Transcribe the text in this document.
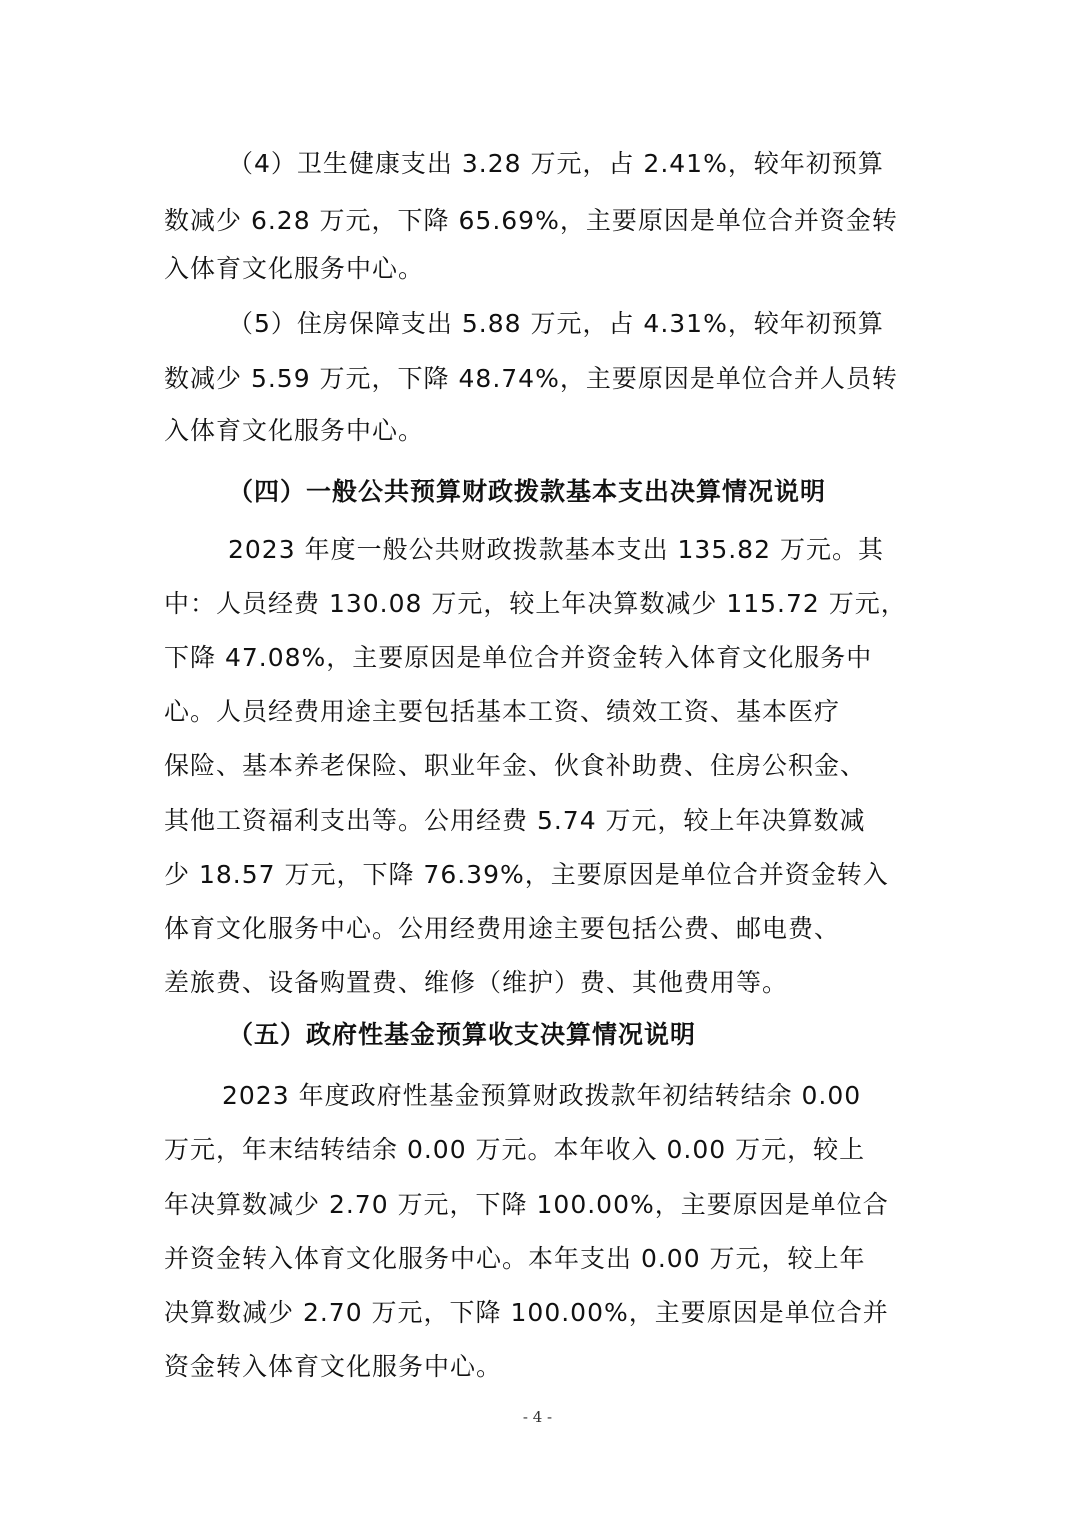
（4）卫生健康支出 3.28 万元，占 2.41%，较年初预算
数减少 6.28 万元，下降 65.69%，主要原因是单位合并资金转
入体育文化服务中心。
（5）住房保障支出 5.88 万元，占 4.31%，较年初预算
数减少 5.59 万元，下降 48.74%，主要原因是单位合并人员转
入体育文化服务中心。
（四）一般公共预算财政拨款基本支出决算情况说明
2023 年度一般公共财政拨款基本支出 135.82 万元。其
中：人员经费 130.08 万元，较上年决算数减少 115.72 万元，
下降 47.08%，主要原因是单位合并资金转入体育文化服务中
心。人员经费用途主要包括基本工资、绩效工资、基本医疗
保险、基本养老保险、职业年金、伙食补助费、住房公积金、
其他工资福利支出等。公用经费 5.74 万元，较上年决算数减
少 18.57 万元，下降 76.39%，主要原因是单位合并资金转入
体育文化服务中心。公用经费用途主要包括公费、邮电费、
差旅费、设备购置费、维修（维护）费、其他费用等。
（五）政府性基金预算收支决算情况说明
2023 年度政府性基金预算财政拨款年初结转结余 0.00
万元，年末结转结余 0.00 万元。本年收入 0.00 万元，较上
年决算数减少 2.70 万元，下降 100.00%，主要原因是单位合
并资金转入体育文化服务中心。本年支出 0.00 万元，较上年
决算数减少 2.70 万元，下降 100.00%，主要原因是单位合并
资金转入体育文化服务中心。
- 4 -
